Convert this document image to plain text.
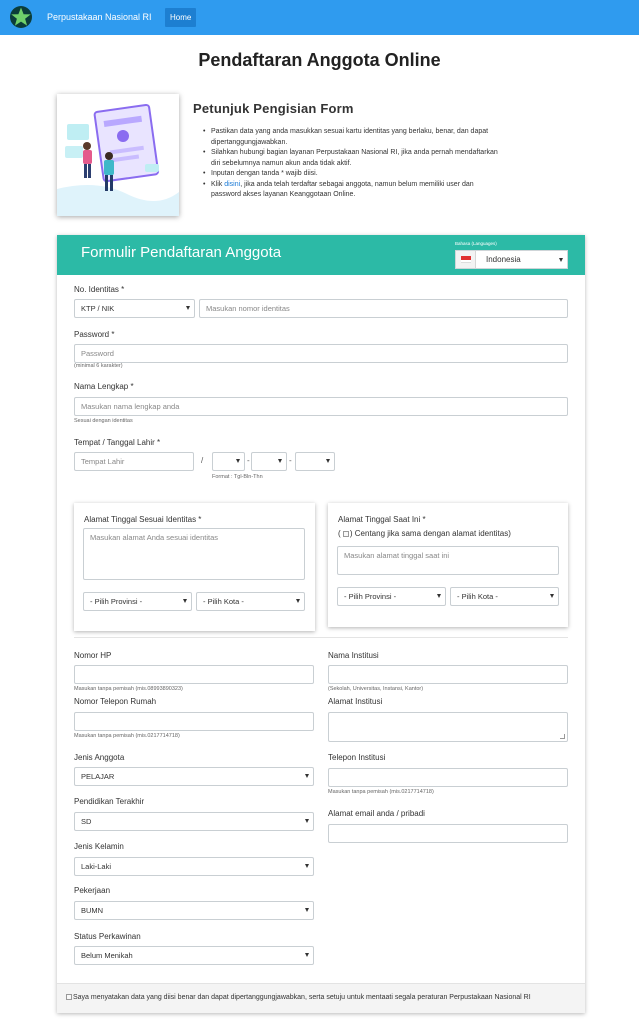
Perpustakaan Nasional RI	Home
Pendaftaran Anggota Online
Petunjuk Pengisian Form
• Pastikan data yang anda masukkan sesuai kartu identitas yang berlaku, benar, dan dapat dipertanggungjawabkan.
• Silahkan hubungi bagian layanan Perpustakaan Nasional RI, jika anda pernah mendaftarkan diri sebelumnya namun akun anda tidak aktif.
• Inputan dengan tanda * wajib diisi.
• Klik disini, jika anda telah terdaftar sebagai anggota, namun belum memiliki user dan password akses layanan Keanggotaan Online.
Formulir Pendaftaran Anggota
Bahasa (Languages)
Indonesia
No. Identitas *
KTP / NIK	Masukan nomor identitas
Password *
Password
(minimal 6 karakter)
Nama Lengkap *
Masukan nama lengkap anda
Sesuai dengan identitas
Tempat / Tanggal Lahir *
Tempat Lahir	/	-	-
Format : Tgl-Bln-Thn
Alamat Tinggal Sesuai Identitas *
Masukan alamat Anda sesuai identitas
- Pilih Provinsi -	- Pilih Kota -
Alamat Tinggal Saat Ini *
( ) Centang jika sama dengan alamat identitas)
Masukan alamat tinggal saat ini
- Pilih Provinsi -	- Pilih Kota -
Nomor HP
Masukan tanpa pemisah (mis.08993890323)
Nomor Telepon Rumah
Masukan tanpa pemisah (mis.0217714718)
Jenis Anggota
PELAJAR
Pendidikan Terakhir
SD
Jenis Kelamin
Laki-Laki
Pekerjaan
BUMN
Status Perkawinan
Belum Menikah
Nama Institusi
(Sekolah, Universitas, Instansi, Kantor)
Alamat Institusi
Telepon Institusi
Masukan tanpa pemisah (mis.0217714718)
Alamat email anda / pribadi
Saya menyatakan data yang diisi benar dan dapat dipertanggungjawabkan, serta setuju untuk mentaati segala peraturan Perpustakaan Nasional RI
